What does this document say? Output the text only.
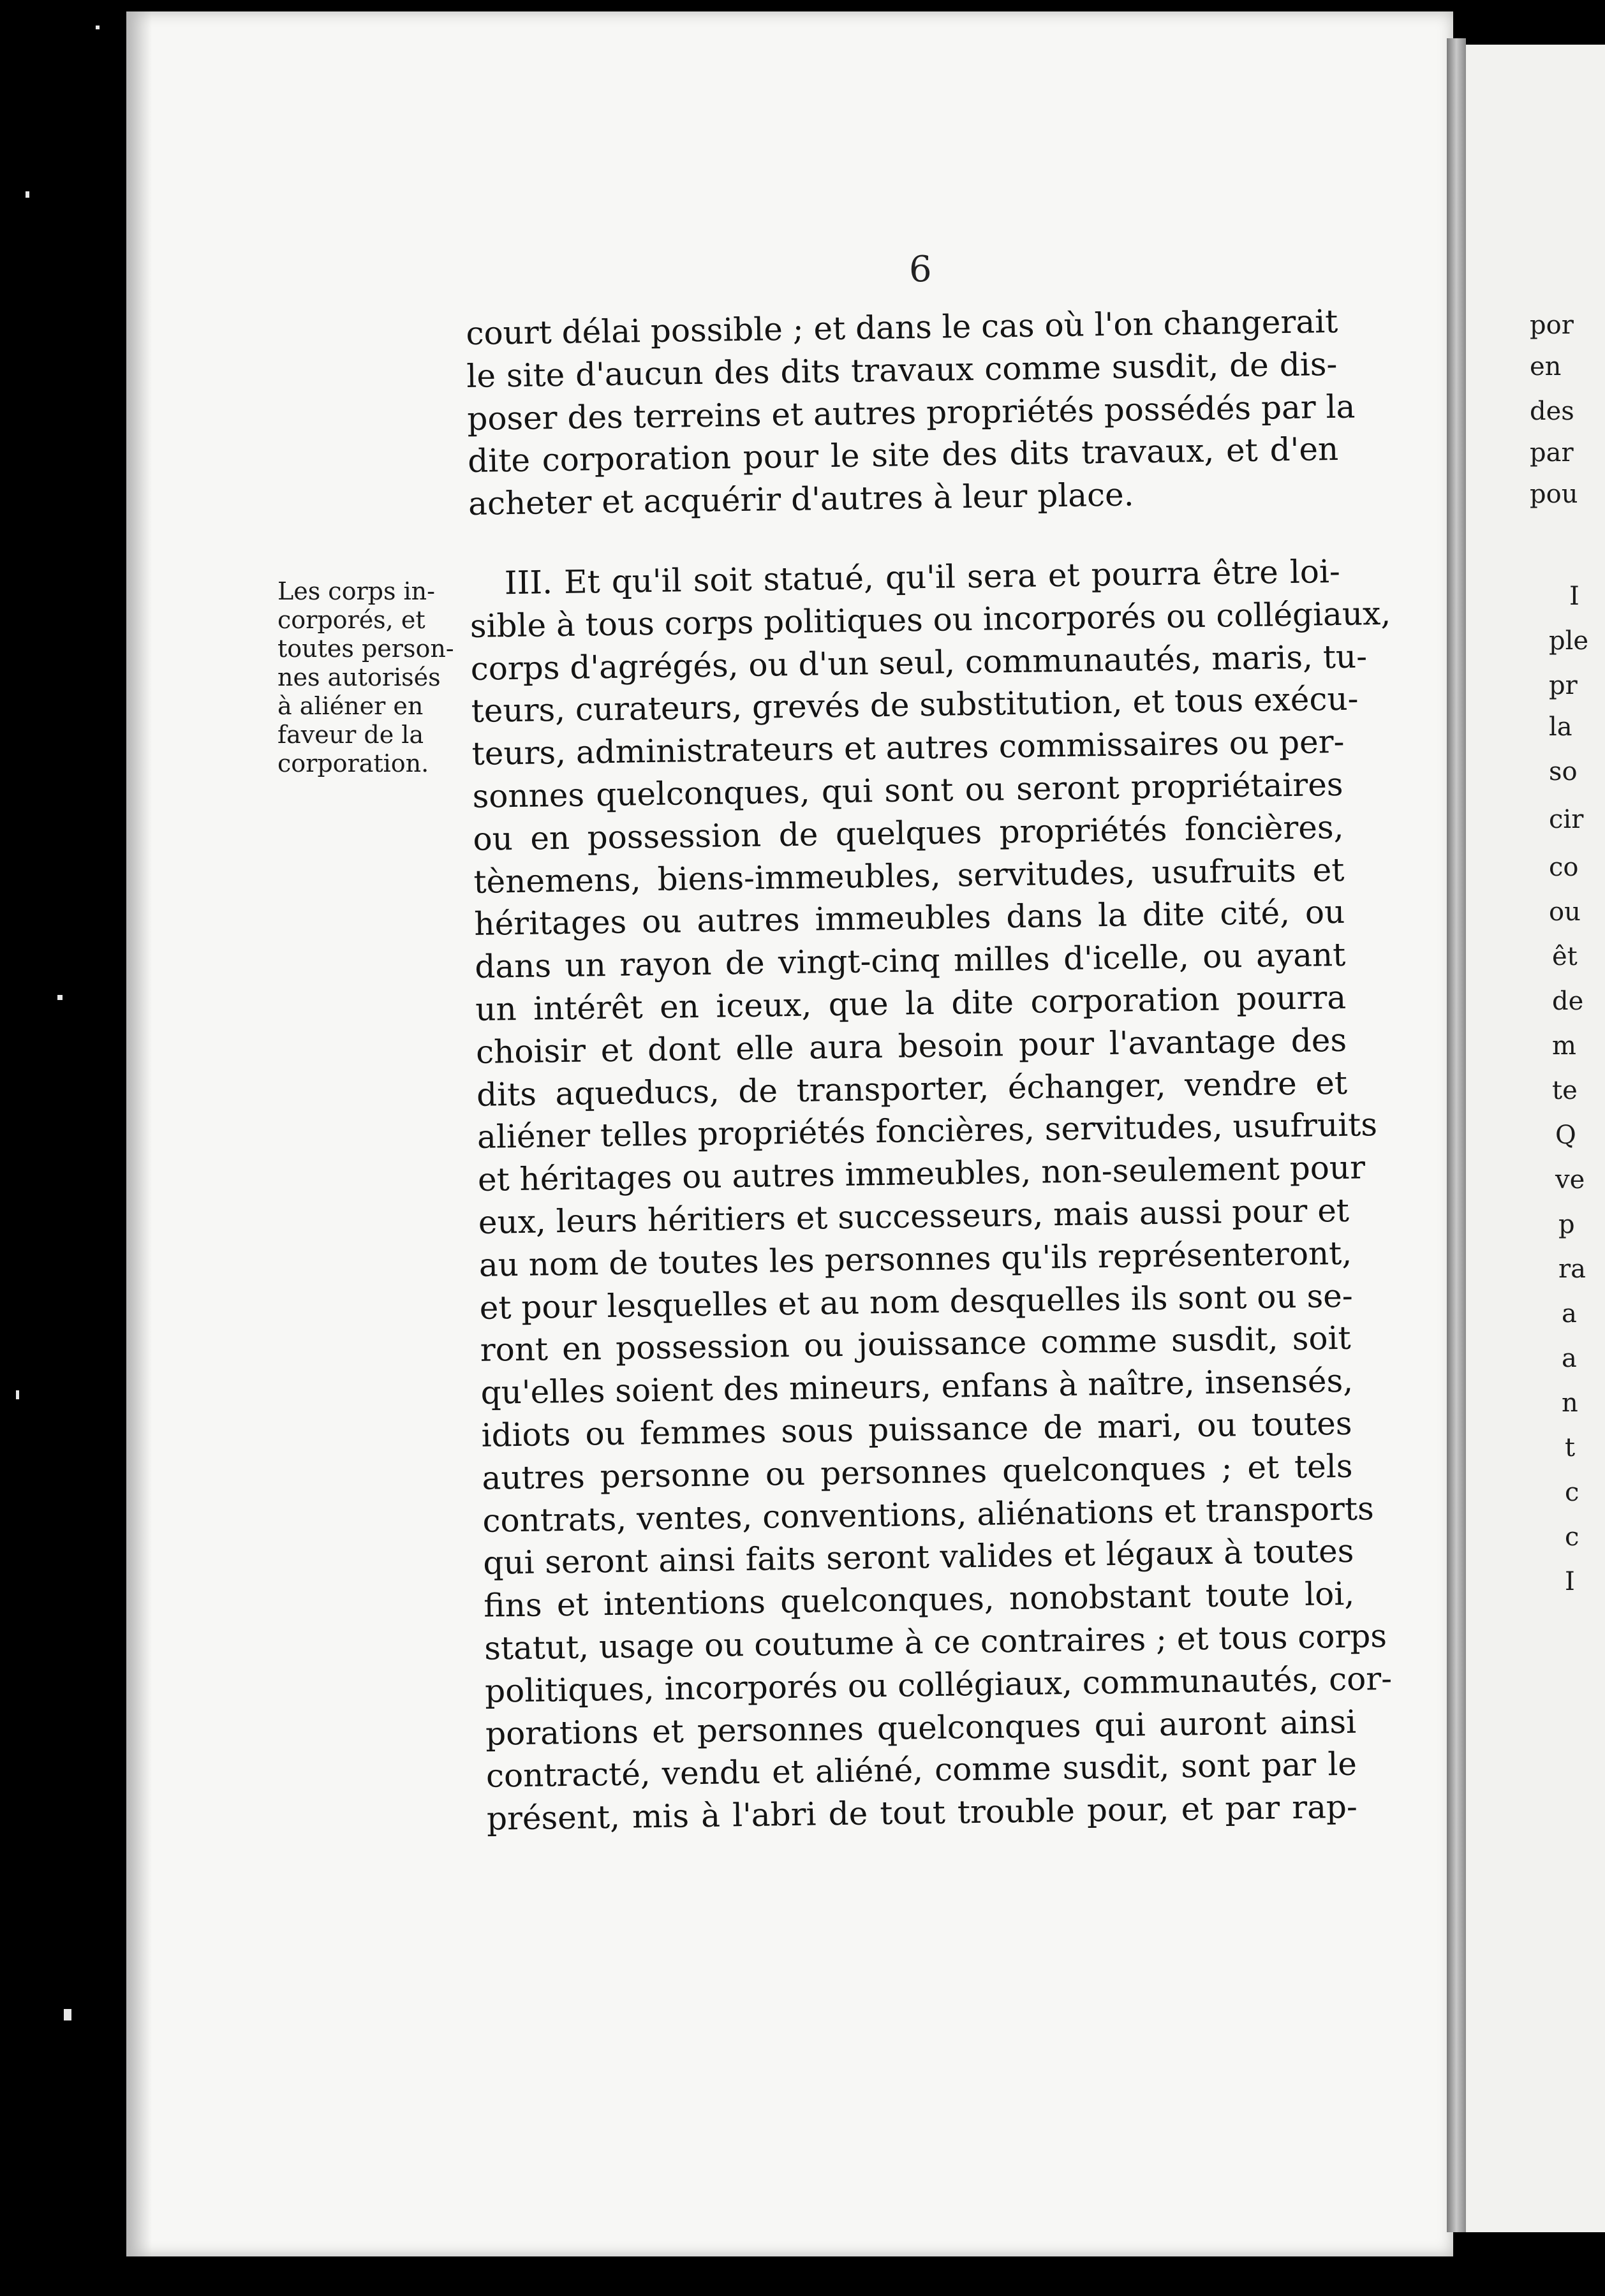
por
en
des
par
pou
I
ple
pr
la
so
cir
co
ou
êt
de
m
te
Q
ve
p
ra
a
a
n
t
c
c
I
6
Les corps in-
corporés, et
toutes person-
nes autorisés
à aliéner en
faveur de la
corporation.
court délai possible ; et dans le cas où l'on changerait
le site d'aucun des dits travaux comme susdit, de dis-
poser des terreins et autres propriétés possédés par la
dite corporation pour le site des dits travaux, et d'en
acheter et acquérir d'autres à leur place.
III. Et qu'il soit statué, qu'il sera et pourra être loi-
sible à tous corps politiques ou incorporés ou collégiaux,
corps d'agrégés, ou d'un seul, communautés, maris, tu-
teurs, curateurs, grevés de substitution, et tous exécu-
teurs, administrateurs et autres commissaires ou per-
sonnes quelconques, qui sont ou seront propriétaires
ou en possession de quelques propriétés foncières,
tènemens, biens-immeubles, servitudes, usufruits et
héritages ou autres immeubles dans la dite cité, ou
dans un rayon de vingt-cinq milles d'icelle, ou ayant
un intérêt en iceux, que la dite corporation pourra
choisir et dont elle aura besoin pour l'avantage des
dits aqueducs, de transporter, échanger, vendre et
aliéner telles propriétés foncières, servitudes, usufruits
et héritages ou autres immeubles, non-seulement pour
eux, leurs héritiers et successeurs, mais aussi pour et
au nom de toutes les personnes qu'ils représenteront,
et pour lesquelles et au nom desquelles ils sont ou se-
ront en possession ou jouissance comme susdit, soit
qu'elles soient des mineurs, enfans à naître, insensés,
idiots ou femmes sous puissance de mari, ou toutes
autres personne ou personnes quelconques ; et tels
contrats, ventes, conventions, aliénations et transports
qui seront ainsi faits seront valides et légaux à toutes
fins et intentions quelconques, nonobstant toute loi,
statut, usage ou coutume à ce contraires ; et tous corps
politiques, incorporés ou collégiaux, communautés, cor-
porations et personnes quelconques qui auront ainsi
contracté, vendu et aliéné, comme susdit, sont par le
présent, mis à l'abri de tout trouble pour, et par rap-
